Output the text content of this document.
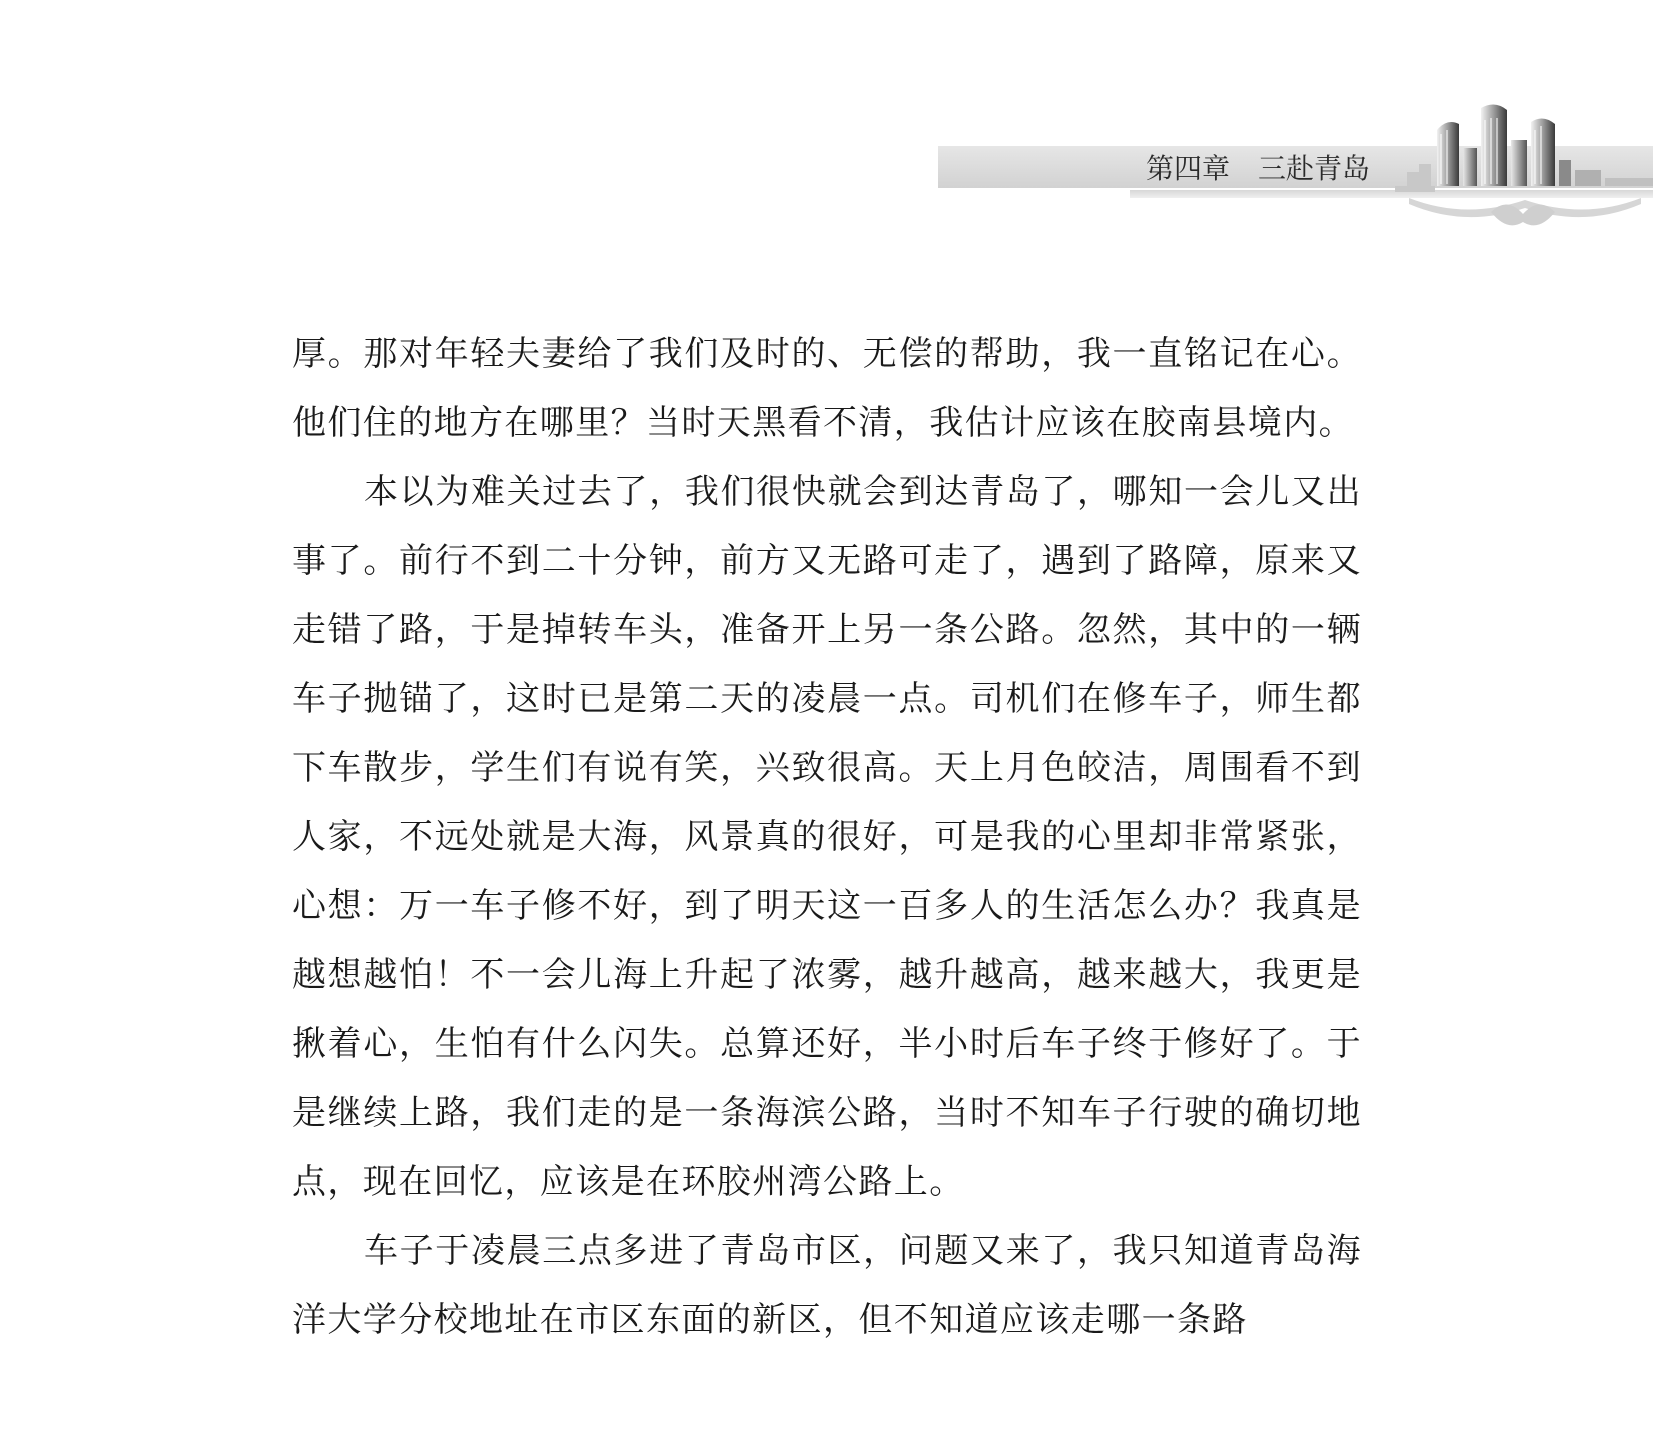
第四章　三赴青岛

厚。那对年轻夫妻给了我们及时的、无偿的帮助，我一直铭记在心。他们住的地方在哪里？当时天黑看不清，我估计应该在胶南县境内。

本以为难关过去了，我们很快就会到达青岛了，哪知一会儿又出事了。前行不到二十分钟，前方又无路可走了，遇到了路障，原来又走错了路，于是掉转车头，准备开上另一条公路。忽然，其中的一辆车子抛锚了，这时已是第二天的凌晨一点。司机们在修车子，师生都下车散步，学生们有说有笑，兴致很高。天上月色皎洁，周围看不到人家，不远处就是大海，风景真的很好，可是我的心里却非常紧张，心想：万一车子修不好，到了明天这一百多人的生活怎么办？我真是越想越怕！不一会儿海上升起了浓雾，越升越高，越来越大，我更是揪着心，生怕有什么闪失。总算还好，半小时后车子终于修好了。于是继续上路，我们走的是一条海滨公路，当时不知车子行驶的确切地点，现在回忆，应该是在环胶州湾公路上。

车子于凌晨三点多进了青岛市区，问题又来了，我只知道青岛海洋大学分校地址在市区东面的新区，但不知道应该走哪一条路
